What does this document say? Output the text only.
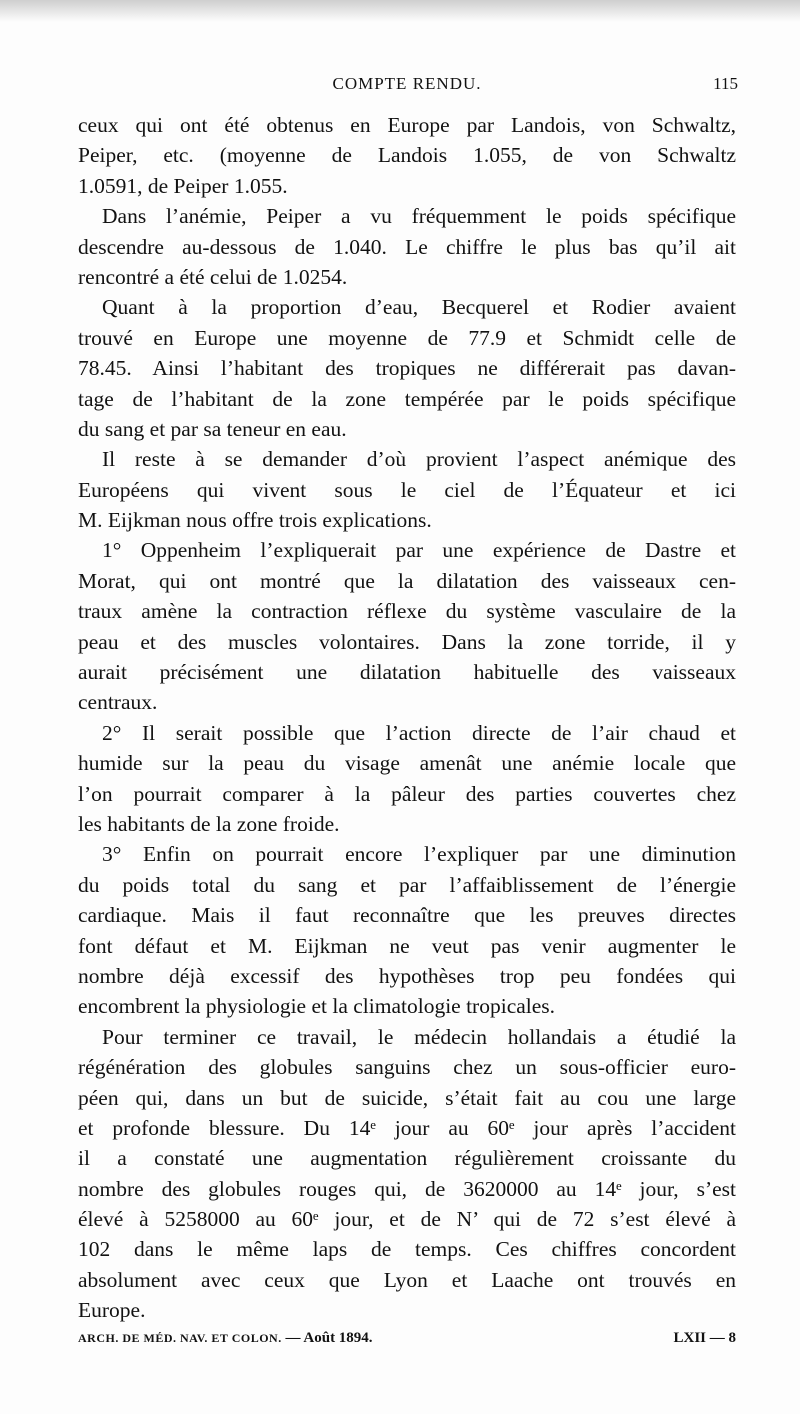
COMPTE RENDU.	115
ceux qui ont été obtenus en Europe par Landois, von Schwaltz,
Peiper, etc. (moyenne de Landois 1.055, de von Schwaltz
1.0591, de Peiper 1.055.
Dans l’anémie, Peiper a vu fréquemment le poids spécifique
descendre au-dessous de 1.040. Le chiffre le plus bas qu’il ait
rencontré a été celui de 1.0254.
Quant à la proportion d’eau, Becquerel et Rodier avaient
trouvé en Europe une moyenne de 77.9 et Schmidt celle de
78.45. Ainsi l’habitant des tropiques ne différerait pas davan-
tage de l’habitant de la zone tempérée par le poids spécifique
du sang et par sa teneur en eau.
Il reste à se demander d’où provient l’aspect anémique des
Européens qui vivent sous le ciel de l’Équateur et ici
M. Eijkman nous offre trois explications.
1° Oppenheim l’expliquerait par une expérience de Dastre et
Morat, qui ont montré que la dilatation des vaisseaux cen-
traux amène la contraction réflexe du système vasculaire de la
peau et des muscles volontaires. Dans la zone torride, il y
aurait précisément une dilatation habituelle des vaisseaux
centraux.
2° Il serait possible que l’action directe de l’air chaud et
humide sur la peau du visage amenât une anémie locale que
l’on pourrait comparer à la pâleur des parties couvertes chez
les habitants de la zone froide.
3° Enfin on pourrait encore l’expliquer par une diminution
du poids total du sang et par l’affaiblissement de l’énergie
cardiaque. Mais il faut reconnaître que les preuves directes
font défaut et M. Eijkman ne veut pas venir augmenter le
nombre déjà excessif des hypothèses trop peu fondées qui
encombrent la physiologie et la climatologie tropicales.
Pour terminer ce travail, le médecin hollandais a étudié la
régénération des globules sanguins chez un sous-officier euro-
péen qui, dans un but de suicide, s’était fait au cou une large
et profonde blessure. Du 14ᵉ jour au 60ᵉ jour après l’accident
il a constaté une augmentation régulièrement croissante du
nombre des globules rouges qui, de 3620000 au 14ᵉ jour, s’est
élevé à 5258000 au 60ᵉ jour, et de N’ qui de 72 s’est élevé à
102 dans le même laps de temps. Ces chiffres concordent
absolument avec ceux que Lyon et Laache ont trouvés en
Europe.
ARCH. DE MÉD. NAV. ET COLON. — Août 1894.	LXII — 8
